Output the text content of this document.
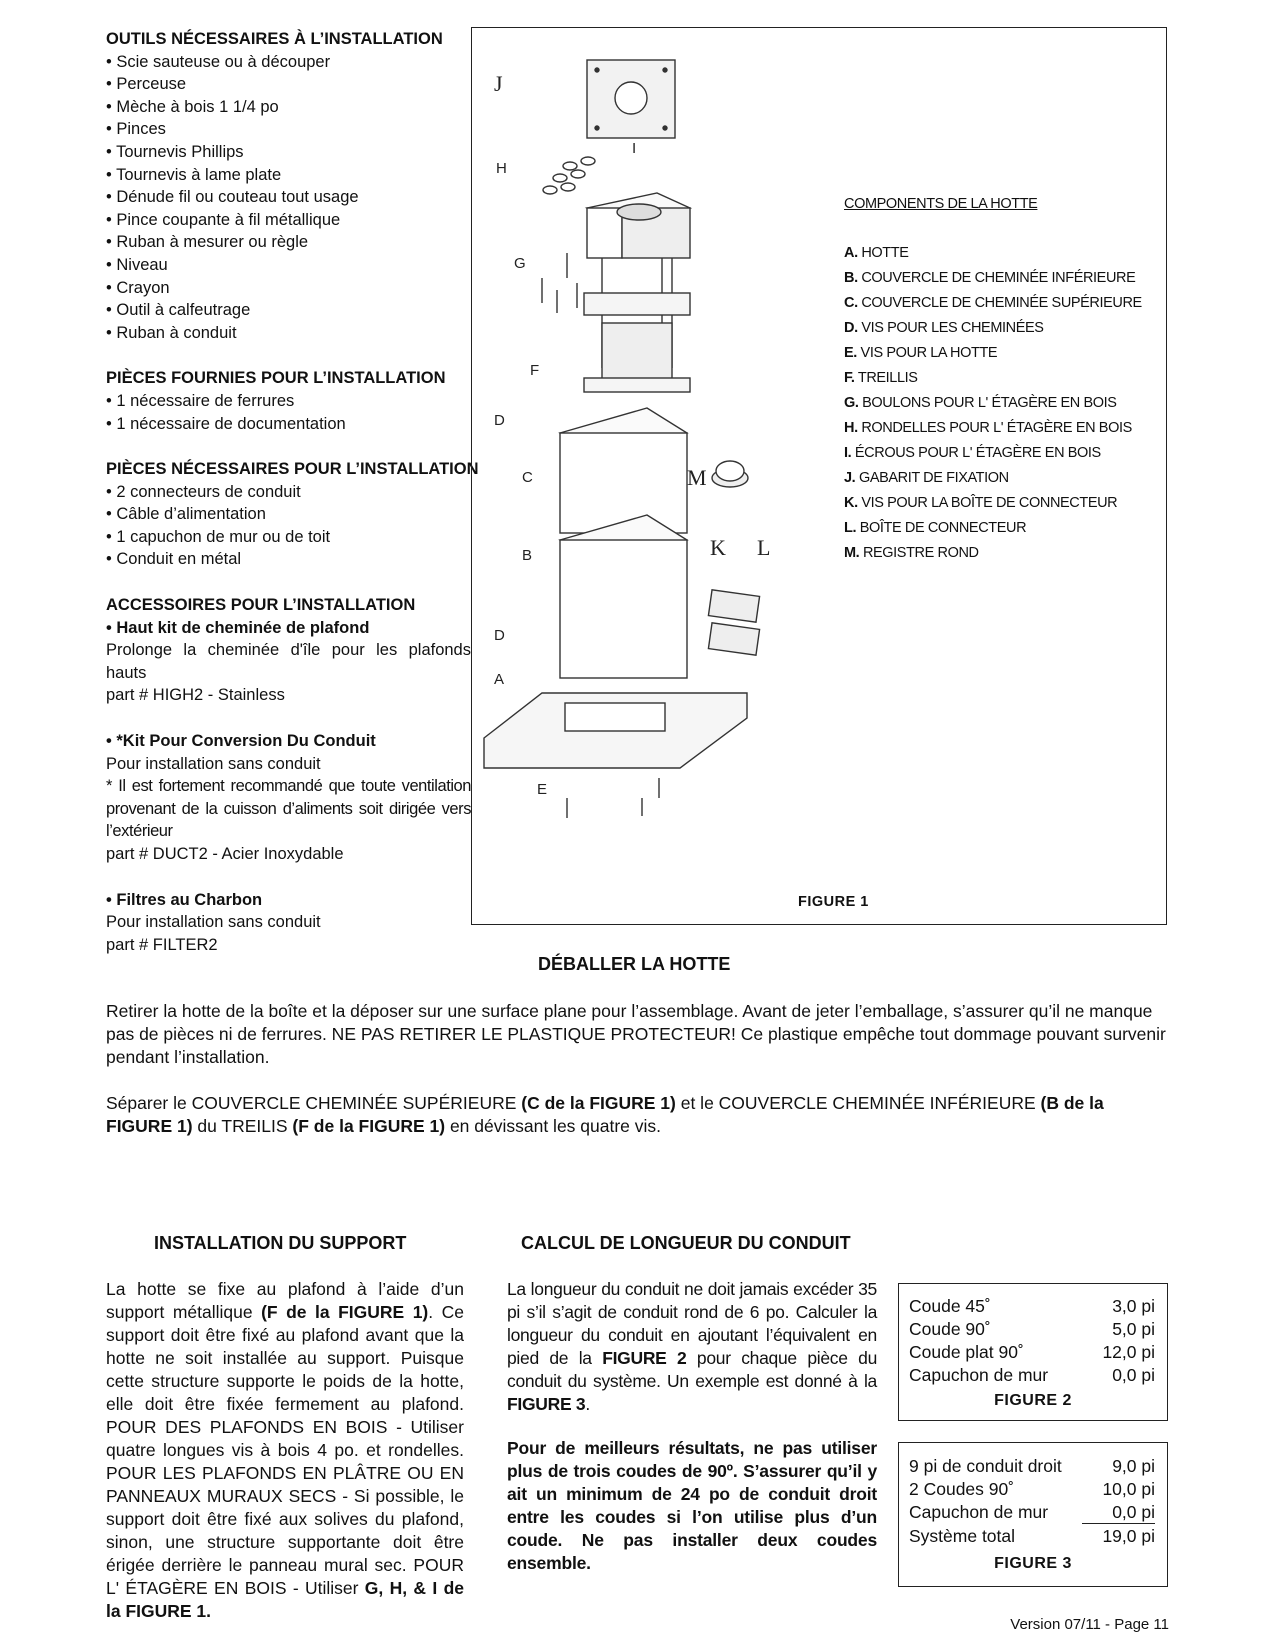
OUTILS NÉCESSAIRES À L’INSTALLATION
• Scie sauteuse ou à découper
• Perceuse
• Mèche à bois 1 1/4 po
• Pinces
• Tournevis Phillips
• Tournevis à lame plate
• Dénude fil ou couteau tout usage
• Pince coupante à fil métallique
• Ruban à mesurer ou règle
• Niveau
• Crayon
• Outil à calfeutrage
• Ruban à conduit
PIÈCES FOURNIES POUR L’INSTALLATION
• 1 nécessaire de ferrures
• 1 nécessaire de documentation
PIÈCES NÉCESSAIRES POUR L’INSTALLATION
• 2 connecteurs de conduit
• Câble d’alimentation
• 1 capuchon de mur ou de toit
• Conduit en métal
ACCESSOIRES POUR L’INSTALLATION
• Haut kit de cheminée de plafond
Prolonge la cheminée d'île pour les plafonds hauts
part # HIGH2 - Stainless
• *Kit Pour Conversion Du Conduit
Pour installation sans conduit
* Il est fortement recommandé que toute ventilation provenant de la cuisson d’aliments soit dirigée vers l’extérieur
part # DUCT2 - Acier Inoxydable
• Filtres au Charbon
Pour installation sans conduit
part # FILTER2
J
I
H
G
F
D
C	M
K L
B
D
A
E
COMPONENTS DE LA HOTTE
A. HOTTE
B. COUVERCLE DE CHEMINÉE INFÉRIEURE
C. COUVERCLE DE CHEMINÉE SUPÉRIEURE
D. VIS POUR LES CHEMINÉES
E. VIS POUR LA HOTTE
F. TREILLIS
G. BOULONS POUR L' ÉTAGÈRE EN BOIS
H. RONDELLES POUR L' ÉTAGÈRE EN BOIS
I. ÉCROUS POUR L' ÉTAGÈRE EN BOIS
J. GABARIT DE FIXATION
K. VIS POUR LA BOÎTE DE CONNECTEUR
L. BOÎTE DE CONNECTEUR
M. REGISTRE ROND
FIGURE 1
DÉBALLER LA HOTTE
Retirer la hotte de la boîte et la déposer sur une surface plane pour l’assemblage. Avant de jeter l’emballage, s’assurer qu’il ne manque pas de pièces ni de ferrures. NE PAS RETIRER LE PLASTIQUE PROTECTEUR! Ce plastique empêche tout dommage pouvant survenir pendant l’installation.
Séparer le COUVERCLE CHEMINÉE SUPÉRIEURE (C de la FIGURE 1) et le COUVERCLE CHEMINÉE INFÉRIEURE (B de la FIGURE 1) du TREILIS (F de la FIGURE 1) en dévissant les quatre vis.
INSTALLATION DU SUPPORT
La hotte se fixe au plafond à l’aide d’un support métallique (F de la FIGURE 1). Ce support doit être fixé au plafond avant que la hotte ne soit installée au support. Puisque cette structure supporte le poids de la hotte, elle doit être fixée fermement au plafond. POUR DES PLAFONDS EN BOIS - Utiliser quatre longues vis à bois 4 po. et rondelles. POUR LES PLAFONDS EN PLÂTRE OU EN PANNEAUX MURAUX SECS - Si possible, le support doit être fixé aux solives du plafond, sinon, une structure supportante doit être érigée derrière le panneau mural sec. POUR L' ÉTAGÈRE EN BOIS - Utiliser G, H, & I de la FIGURE 1.
CALCUL DE LONGUEUR DU CONDUIT
La longueur du conduit ne doit jamais excéder 35 pi s’il s’agit de conduit rond de 6 po. Calculer la longueur du conduit en ajoutant l’équivalent en pied de la FIGURE 2 pour chaque pièce du conduit du système. Un exemple est donné à la FIGURE 3.
Pour de meilleurs résultats, ne pas utiliser plus de trois coudes de 90º. S’assurer qu’il y ait un minimum de 24 po de conduit droit entre les coudes si l’on utilise plus d’un coude. Ne pas installer deux coudes ensemble.
Coude 45˚	3,0 pi
Coude 90˚	5,0 pi
Coude plat 90˚	12,0 pi
Capuchon de mur	0,0 pi
FIGURE 2
9 pi de conduit droit	9,0 pi
2 Coudes 90˚	10,0 pi
Capuchon de mur	0,0 pi
Système total	19,0 pi
FIGURE 3
Version 07/11 - Page 11
